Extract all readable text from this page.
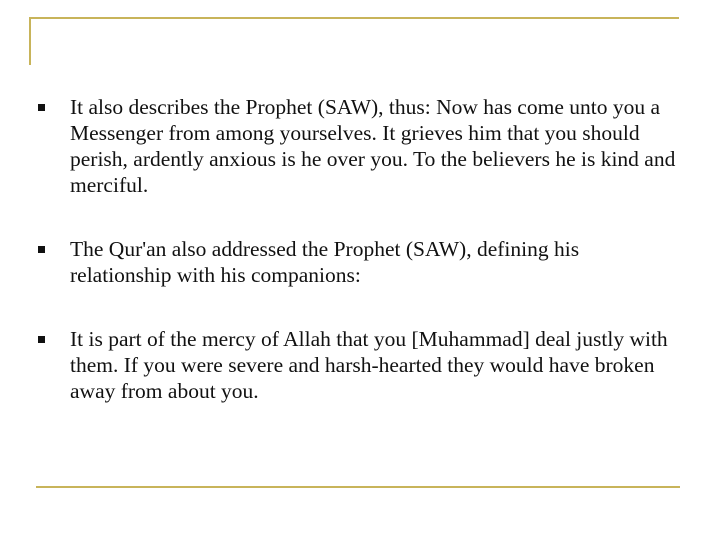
It also describes the Prophet (SAW), thus: Now has come unto you a Messenger from among yourselves. It grieves him that you should perish, ardently anxious is he over you. To the believers he is kind and merciful.
The Qur'an also addressed the Prophet (SAW), defining his relationship with his companions:
It is part of the mercy of Allah that you [Muhammad] deal justly with them. If you were severe and harsh-hearted they would have broken away from about you.
